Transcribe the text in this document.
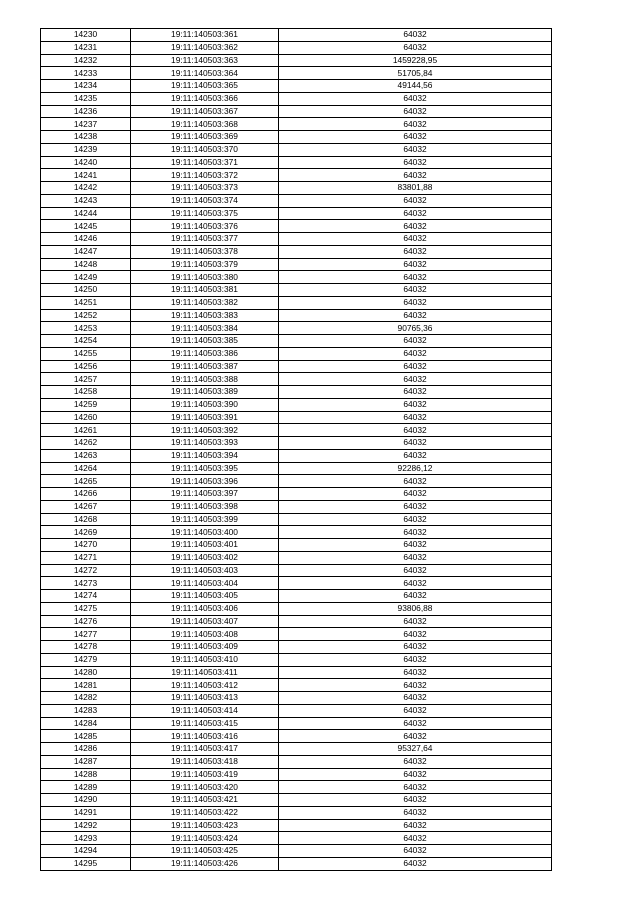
14230	19:11:140503:361	64032
14231	19:11:140503:362	64032
14232	19:11:140503:363	1459228,95
14233	19:11:140503:364	51705,84
14234	19:11:140503:365	49144,56
14235	19:11:140503:366	64032
14236	19:11:140503:367	64032
14237	19:11:140503:368	64032
14238	19:11:140503:369	64032
14239	19:11:140503:370	64032
14240	19:11:140503:371	64032
14241	19:11:140503:372	64032
14242	19:11:140503:373	83801,88
14243	19:11:140503:374	64032
14244	19:11:140503:375	64032
14245	19:11:140503:376	64032
14246	19:11:140503:377	64032
14247	19:11:140503:378	64032
14248	19:11:140503:379	64032
14249	19:11:140503:380	64032
14250	19:11:140503:381	64032
14251	19:11:140503:382	64032
14252	19:11:140503:383	64032
14253	19:11:140503:384	90765,36
14254	19:11:140503:385	64032
14255	19:11:140503:386	64032
14256	19:11:140503:387	64032
14257	19:11:140503:388	64032
14258	19:11:140503:389	64032
14259	19:11:140503:390	64032
14260	19:11:140503:391	64032
14261	19:11:140503:392	64032
14262	19:11:140503:393	64032
14263	19:11:140503:394	64032
14264	19:11:140503:395	92286,12
14265	19:11:140503:396	64032
14266	19:11:140503:397	64032
14267	19:11:140503:398	64032
14268	19:11:140503:399	64032
14269	19:11:140503:400	64032
14270	19:11:140503:401	64032
14271	19:11:140503:402	64032
14272	19:11:140503:403	64032
14273	19:11:140503:404	64032
14274	19:11:140503:405	64032
14275	19:11:140503:406	93806,88
14276	19:11:140503:407	64032
14277	19:11:140503:408	64032
14278	19:11:140503:409	64032
14279	19:11:140503:410	64032
14280	19:11:140503:411	64032
14281	19:11:140503:412	64032
14282	19:11:140503:413	64032
14283	19:11:140503:414	64032
14284	19:11:140503:415	64032
14285	19:11:140503:416	64032
14286	19:11:140503:417	95327,64
14287	19:11:140503:418	64032
14288	19:11:140503:419	64032
14289	19:11:140503:420	64032
14290	19:11:140503:421	64032
14291	19:11:140503:422	64032
14292	19:11:140503:423	64032
14293	19:11:140503:424	64032
14294	19:11:140503:425	64032
14295	19:11:140503:426	64032
